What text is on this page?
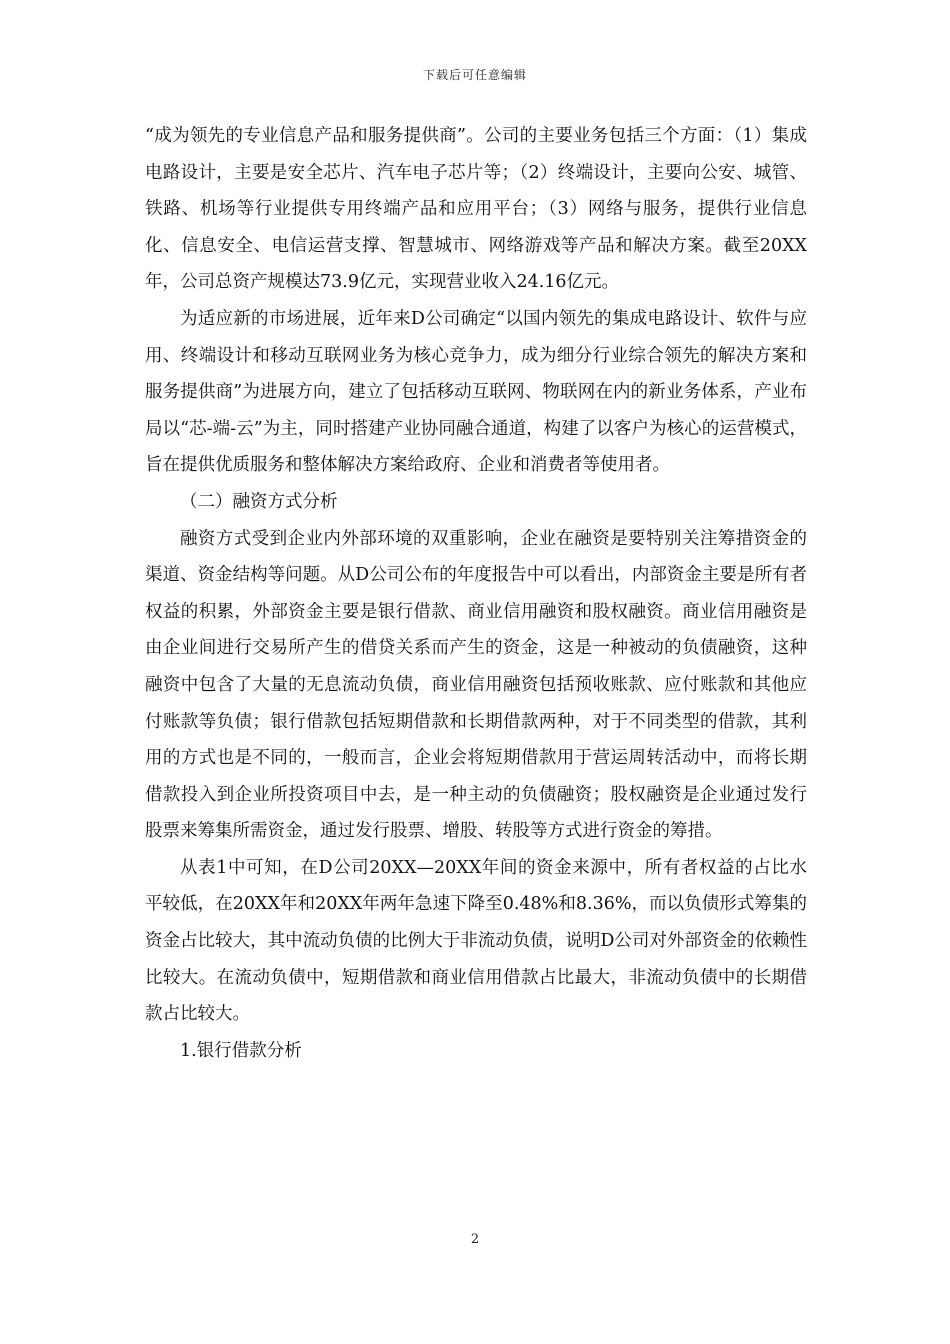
下载后可任意编辑

“成为领先的专业信息产品和服务提供商”。公司的主要业务包括三个方面：（1）集成电路设计，主要是安全芯片、汽车电子芯片等；（2）终端设计，主要向公安、城管、铁路、机场等行业提供专用终端产品和应用平台；（3）网络与服务，提供行业信息化、信息安全、电信运营支撑、智慧城市、网络游戏等产品和解决方案。截至20XX年，公司总资产规模达73.9亿元，实现营业收入24.16亿元。

为适应新的市场进展，近年来D公司确定“以国内领先的集成电路设计、软件与应用、终端设计和移动互联网业务为核心竞争力，成为细分行业综合领先的解决方案和服务提供商”为进展方向，建立了包括移动互联网、物联网在内的新业务体系，产业布局以“芯-端-云”为主，同时搭建产业协同融合通道，构建了以客户为核心的运营模式，旨在提供优质服务和整体解决方案给政府、企业和消费者等使用者。

（二）融资方式分析

融资方式受到企业内外部环境的双重影响，企业在融资是要特别关注筹措资金的渠道、资金结构等问题。从D公司公布的年度报告中可以看出，内部资金主要是所有者权益的积累，外部资金主要是银行借款、商业信用融资和股权融资。商业信用融资是由企业间进行交易所产生的借贷关系而产生的资金，这是一种被动的负债融资，这种融资中包含了大量的无息流动负债，商业信用融资包括预收账款、应付账款和其他应付账款等负债；银行借款包括短期借款和长期借款两种，对于不同类型的借款，其利用的方式也是不同的，一般而言，企业会将短期借款用于营运周转活动中，而将长期借款投入到企业所投资项目中去，是一种主动的负债融资；股权融资是企业通过发行股票来筹集所需资金，通过发行股票、增股、转股等方式进行资金的筹措。

从表1中可知，在D公司20XX—20XX年间的资金来源中，所有者权益的占比水平较低，在20XX年和20XX年两年急速下降至0.48%和8.36%，而以负债形式筹集的资金占比较大，其中流动负债的比例大于非流动负债，说明D公司对外部资金的依赖性比较大。在流动负债中，短期借款和商业信用借款占比最大，非流动负债中的长期借款占比较大。

1.银行借款分析

2
